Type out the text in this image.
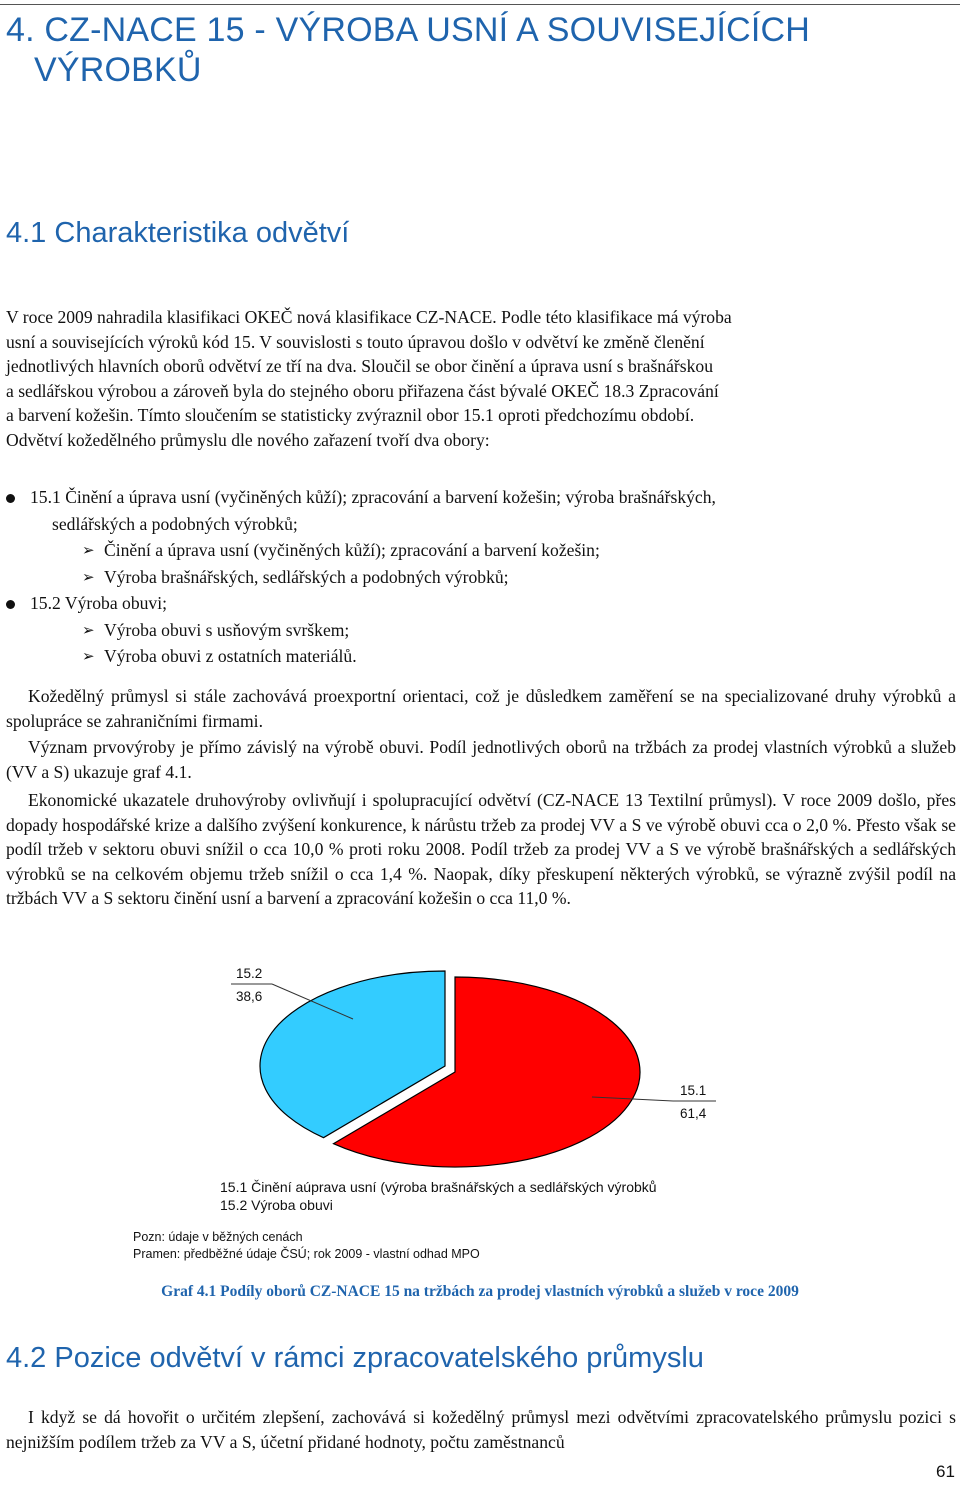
4. CZ-NACE 15 - VÝROBA USNÍ A SOUVISEJÍCÍCH
VÝROBKŮ
4.1 Charakteristika odvětví

V roce 2009 nahradila klasifikaci OKEČ nová klasifikace CZ-NACE. Podle této klasifikace má výroba

usní a souvisejících výroků kód 15. V souvislosti s touto úpravou došlo v odvětví ke změně členění

jednotlivých hlavních oborů odvětví ze tří na dva. Sloučil se obor činění a úprava usní s brašnářskou

a sedlářskou výrobou a zároveň byla do stejného oboru přiřazena část bývalé OKEČ 18.3 Zpracování

a barvení kožešin. Tímto sloučením se statisticky zvýraznil obor 15.1 oproti předchozímu období.

Odvětví kožedělného průmyslu dle nového zařazení tvoří dva obory:

15.1 Činění a úprava usní (vyčiněných kůží); zpracování a barvení kožešin; výroba brašnářských,
sedlářských a podobných výrobků;
➢ Činění a úprava usní (vyčiněných kůží); zpracování a barvení kožešin;
➢ Výroba brašnářských, sedlářských a podobných výrobků;
15.2 Výroba obuvi;
➢ Výroba obuvi s usňovým svrškem;
➢ Výroba obuvi z ostatních materiálů.
Kožedělný průmysl si stále zachovává proexportní orientaci, což je důsledkem zaměření se na specializované druhy výrobků a spolupráce se zahraničními firmami.
Význam prvovýroby je přímo závislý na výrobě obuvi. Podíl jednotlivých oborů na tržbách za prodej vlastních výrobků a služeb (VV a S) ukazuje graf 4.1.
Ekonomické ukazatele druhovýroby ovlivňují i spolupracující odvětví (CZ-NACE 13 Textilní průmysl). V roce 2009 došlo, přes dopady hospodářské krize a dalšího zvýšení konkurence, k nárůstu tržeb za prodej VV a S ve výrobě obuvi cca o 2,0 %. Přesto však se podíl tržeb v sektoru obuvi snížil o cca 10,0 % proti roku 2008. Podíl tržeb za prodej VV a S ve výrobě brašnářských a sedlářských výrobků se na celkovém objemu tržeb snížil o cca 1,4 %. Naopak, díky přeskupení některých výrobků, se výrazně zvýšil podíl na tržbách VV a S sektoru činění usní a barvení a zpracování kožešin o cca 11,0 %.
15.2
38,6
15.1
61,4
15.1 Činění aúprava usní (výroba brašnářských a sedlářských výrobků
15.2 Výroba obuvi
Pozn: údaje v běžných cenách
Pramen: předběžné údaje ČSÚ; rok 2009 - vlastní odhad MPO
Graf 4.1 Podíly oborů CZ-NACE 15 na tržbách za prodej vlastních výrobků a služeb v roce 2009
4.2 Pozice odvětví v rámci zpracovatelského průmyslu
I když se dá hovořit o určitém zlepšení, zachovává si kožedělný průmysl mezi odvětvími zpracovatelského průmyslu pozici s nejnižším podílem tržeb za VV a S, účetní přidané hodnoty, počtu zaměstnanců
61
